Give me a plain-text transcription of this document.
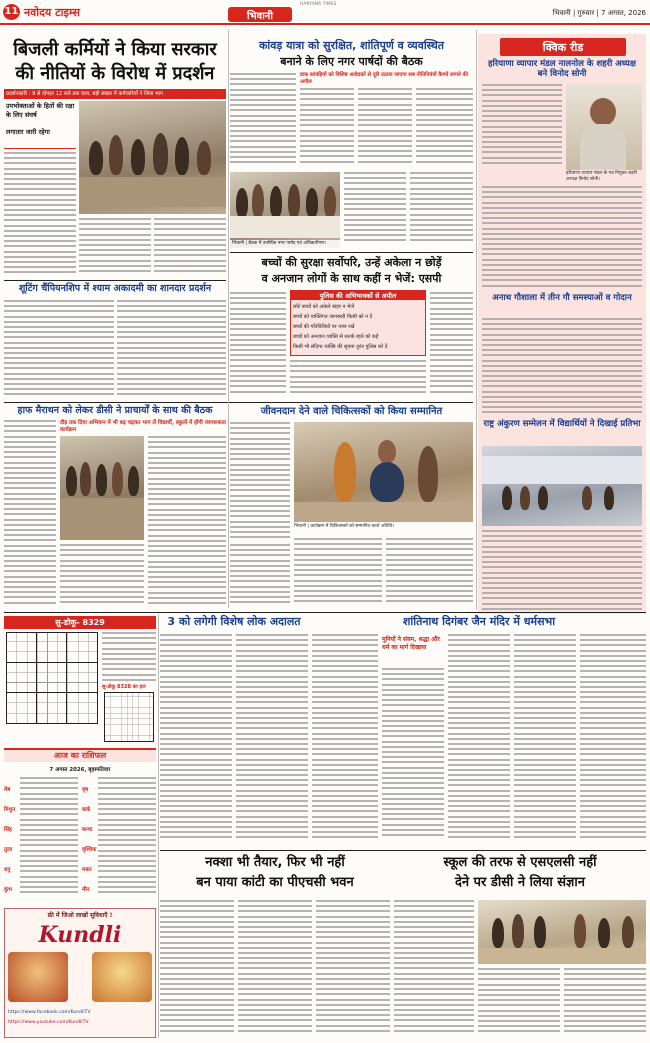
11 नवोदय टाइम्स
HARYANA TIMES
भिवानी	भिवानी | गुरुवार | 7 अगस्त, 2026
बिजली कर्मियों ने किया सरकार
की नीतियों के विरोध में प्रदर्शन
प्रदर्शनकारी : 9 से दोपहर 12 बजे तक चला, बड़ी संख्या में कर्मचारियों ने लिया भाग
उपभोक्ताओं के हितों की रक्षा के लिए संघर्ष
लगातार जारी रहेगा
कांवड़ यात्रा को सुरक्षित, शांतिपूर्ण व व्यवस्थित
बनाने के लिए नगर पार्षदों की बैठक
डाक कांवड़ियों को विशिष्ट आवेदकों से दूरी उठाया जाएगा सब नीतिनियंत्रों कैम्पों लगाने की अपील
भिवानी | बैठक में उपस्थित नगर पार्षद एवं अधिकारीगण।
क्विक रीड
हरियाणा व्यापार मंडल नालनोल के शहरी अध्यक्ष बने विनोद सोनी
हरियाणा व्यापार मंडल के नव नियुक्त शहरी अध्यक्ष विनोद सोनी।
अनाथ गौशाला में तीन गौ समस्याओं व गोदान
राष्ट्र अंकुरण सम्मेलन में विद्यार्थियों ने दिखाई प्रतिभा
शूटिंग चैंपियनशिप में श्याम अकादमी का शानदार प्रदर्शन
बच्चों की सुरक्षा सर्वोपरि, उन्हें अकेला न छोड़ें
व अनजान लोगों के साथ कहीं न भेजें: एसपी
पुलिस की अभिभावकों से अपील
छोटे बच्चों को अकेले बाहर न भेजें
बच्चों को व्यक्तिगत जानकारी किसी को न दें
बच्चों की गतिविधियों पर नजर रखें
बच्चों को अनजान व्यक्ति से सतर्क रहने को कहें
किसी भी संदिग्ध व्यक्ति की सूचना तुरंत पुलिस को दें
हाफ मैराथन को लेकर डीसी ने प्राचार्यों के साथ की बैठक
दौड़ तक दिया अभियान में भी बढ़ चढ़कर भाग लें विद्यार्थी, स्कूलों में होंगी जागरूकता कार्यक्रम
जीवनदान देने वाले चिकित्सकों को किया सम्मानित
भिवानी | कार्यक्रम में चिकित्सकों को सम्मानित करते अतिथि।
सु-डोकू- 8329
सु-डोकू 8328 का हल
आज का राशिफल
7 अगस्त 2026, बृहस्पतिवार
मेष	वृष
मिथुन	कर्क
सिंह	कन्या
तुला	वृश्चिक
धनु	मकर
कुंभ	मीन
फ्री में जिओ लाखों सुविधाएँ !
Kundli
https://www.facebook.com/KundliTV
https://www.youtube.com/KundliTV
3 को लगेगी विशेष लोक अदालत	शांतिनाथ दिगंबर जैन मंदिर में धर्मसभा
मुनियों ने संयम, श्रद्धा और धर्म का मार्ग दिखाया
नक्शा भी तैयार, फिर भी नहीं
बन पाया कांटी का पीएचसी भवन
स्कूल की तरफ से एसएलसी नहीं
देने पर डीसी ने लिया संज्ञान
